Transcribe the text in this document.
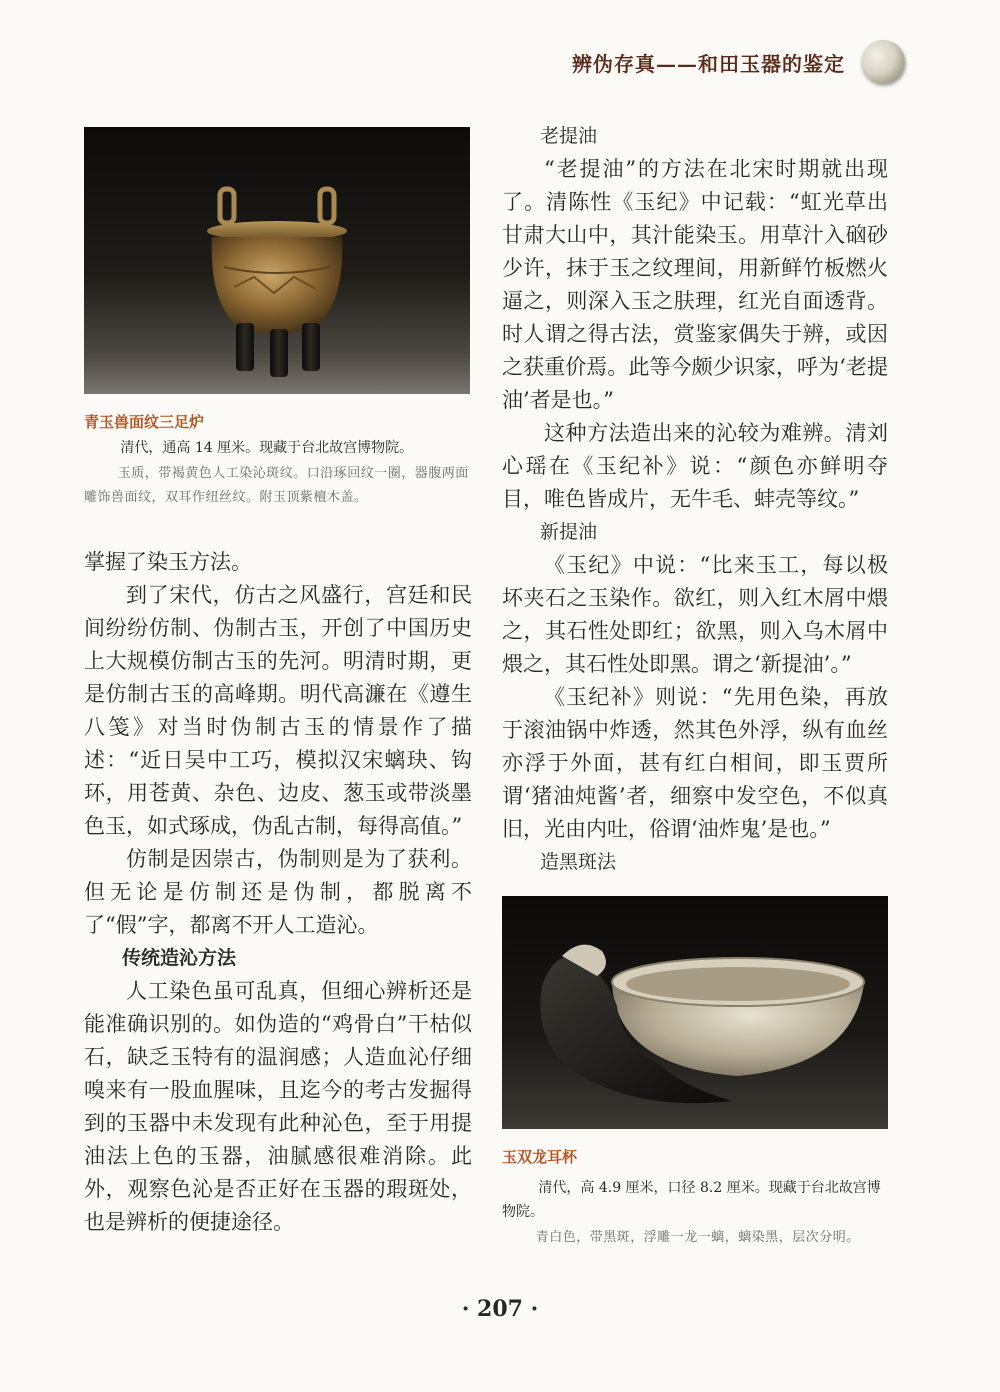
辨伪存真——和田玉器的鉴定
青玉兽面纹三足炉
清代，通高 14 厘米。现藏于台北故宫博物院。
玉质，带褐黄色人工染沁斑纹。口沿琢回纹一圈，器腹两面雕饰兽面纹，双耳作纽丝纹。附玉顶紫檀木盖。

掌握了染玉方法。

到了宋代，仿古之风盛行，宫廷和民间纷纷仿制、伪制古玉，开创了中国历史上大规模仿制古玉的先河。明清时期，更是仿制古玉的高峰期。明代高濂在《遵生八笺》对当时伪制古玉的情景作了描述：“近日吴中工巧，模拟汉宋螭玦、钩环，用苍黄、杂色、边皮、葱玉或带淡墨色玉，如式琢成，伪乱古制，每得高值。”

仿制是因崇古，伪制则是为了获利。但无论是仿制还是伪制，都脱离不了“假”字，都离不开人工造沁。

传统造沁方法

人工染色虽可乱真，但细心辨析还是能准确识别的。如伪造的“鸡骨白”干枯似石，缺乏玉特有的温润感；人造血沁仔细嗅来有一股血腥味，且迄今的考古发掘得到的玉器中未发现有此种沁色，至于用提油法上色的玉器，油腻感很难消除。此外，观察色沁是否正好在玉器的瑕斑处，也是辨析的便捷途径。

老提油

“老提油”的方法在北宋时期就出现了。清陈性《玉纪》中记载：“虹光草出甘肃大山中，其汁能染玉。用草汁入硇砂少许，抹于玉之纹理间，用新鲜竹板燃火逼之，则深入玉之肤理，红光自面透背。时人谓之得古法，赏鉴家偶失于辨，或因之获重价焉。此等今颇少识家，呼为‘老提油’者是也。”

这种方法造出来的沁较为难辨。清刘心瑶在《玉纪补》说：“颜色亦鲜明夺目，唯色皆成片，无牛毛、蚌壳等纹。”

新提油

《玉纪》中说：“比来玉工，每以极坏夹石之玉染作。欲红，则入红木屑中煨之，其石性处即红；欲黑，则入乌木屑中煨之，其石性处即黑。谓之‘新提油’。”

《玉纪补》则说：“先用色染，再放于滚油锅中炸透，然其色外浮，纵有血丝亦浮于外面，甚有红白相间，即玉贾所谓‘猪油炖酱’者，细察中发空色，不似真旧，光由内吐，俗谓‘油炸鬼’是也。”

造黑斑法

玉双龙耳杯
清代，高 4.9 厘米，口径 8.2 厘米。现藏于台北故宫博物院。
青白色，带黑斑，浮雕一龙一螭，螭染黑，层次分明。
· 207 ·
